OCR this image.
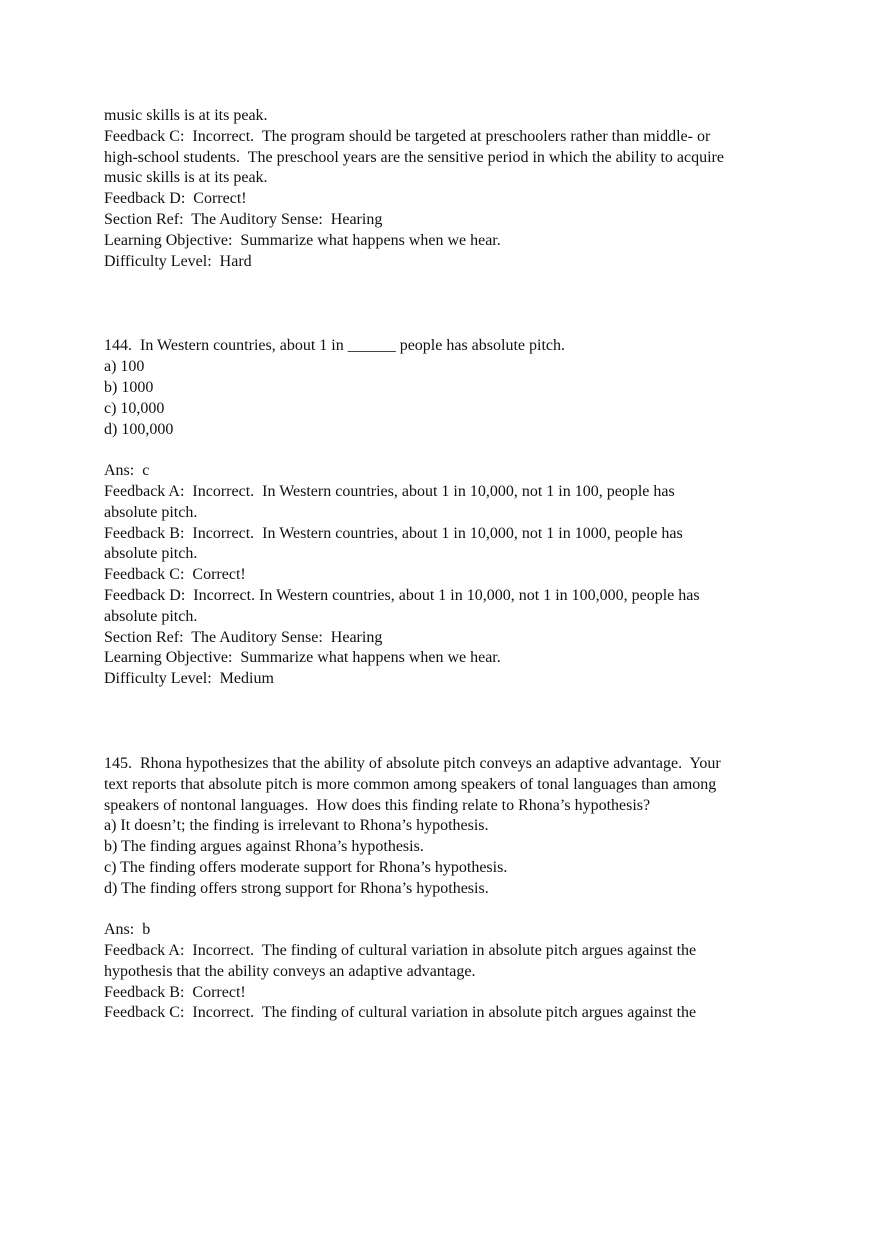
music skills is at its peak.
Feedback C:  Incorrect.  The program should be targeted at preschoolers rather than middle- or
high-school students.  The preschool years are the sensitive period in which the ability to acquire
music skills is at its peak.
Feedback D:  Correct!
Section Ref:  The Auditory Sense:  Hearing
Learning Objective:  Summarize what happens when we hear.
Difficulty Level:  Hard
144.  In Western countries, about 1 in ______ people has absolute pitch.
a) 100
b) 1000
c) 10,000
d) 100,000
Ans:  c
Feedback A:  Incorrect.  In Western countries, about 1 in 10,000, not 1 in 100, people has
absolute pitch.
Feedback B:  Incorrect.  In Western countries, about 1 in 10,000, not 1 in 1000, people has
absolute pitch.
Feedback C:  Correct!
Feedback D:  Incorrect. In Western countries, about 1 in 10,000, not 1 in 100,000, people has
absolute pitch.
Section Ref:  The Auditory Sense:  Hearing
Learning Objective:  Summarize what happens when we hear.
Difficulty Level:  Medium
145.  Rhona hypothesizes that the ability of absolute pitch conveys an adaptive advantage.  Your
text reports that absolute pitch is more common among speakers of tonal languages than among
speakers of nontonal languages.  How does this finding relate to Rhona’s hypothesis?
a) It doesn’t; the finding is irrelevant to Rhona’s hypothesis.
b) The finding argues against Rhona’s hypothesis.
c) The finding offers moderate support for Rhona’s hypothesis.
d) The finding offers strong support for Rhona’s hypothesis.
Ans:  b
Feedback A:  Incorrect.  The finding of cultural variation in absolute pitch argues against the
hypothesis that the ability conveys an adaptive advantage.
Feedback B:  Correct!
Feedback C:  Incorrect.  The finding of cultural variation in absolute pitch argues against the
